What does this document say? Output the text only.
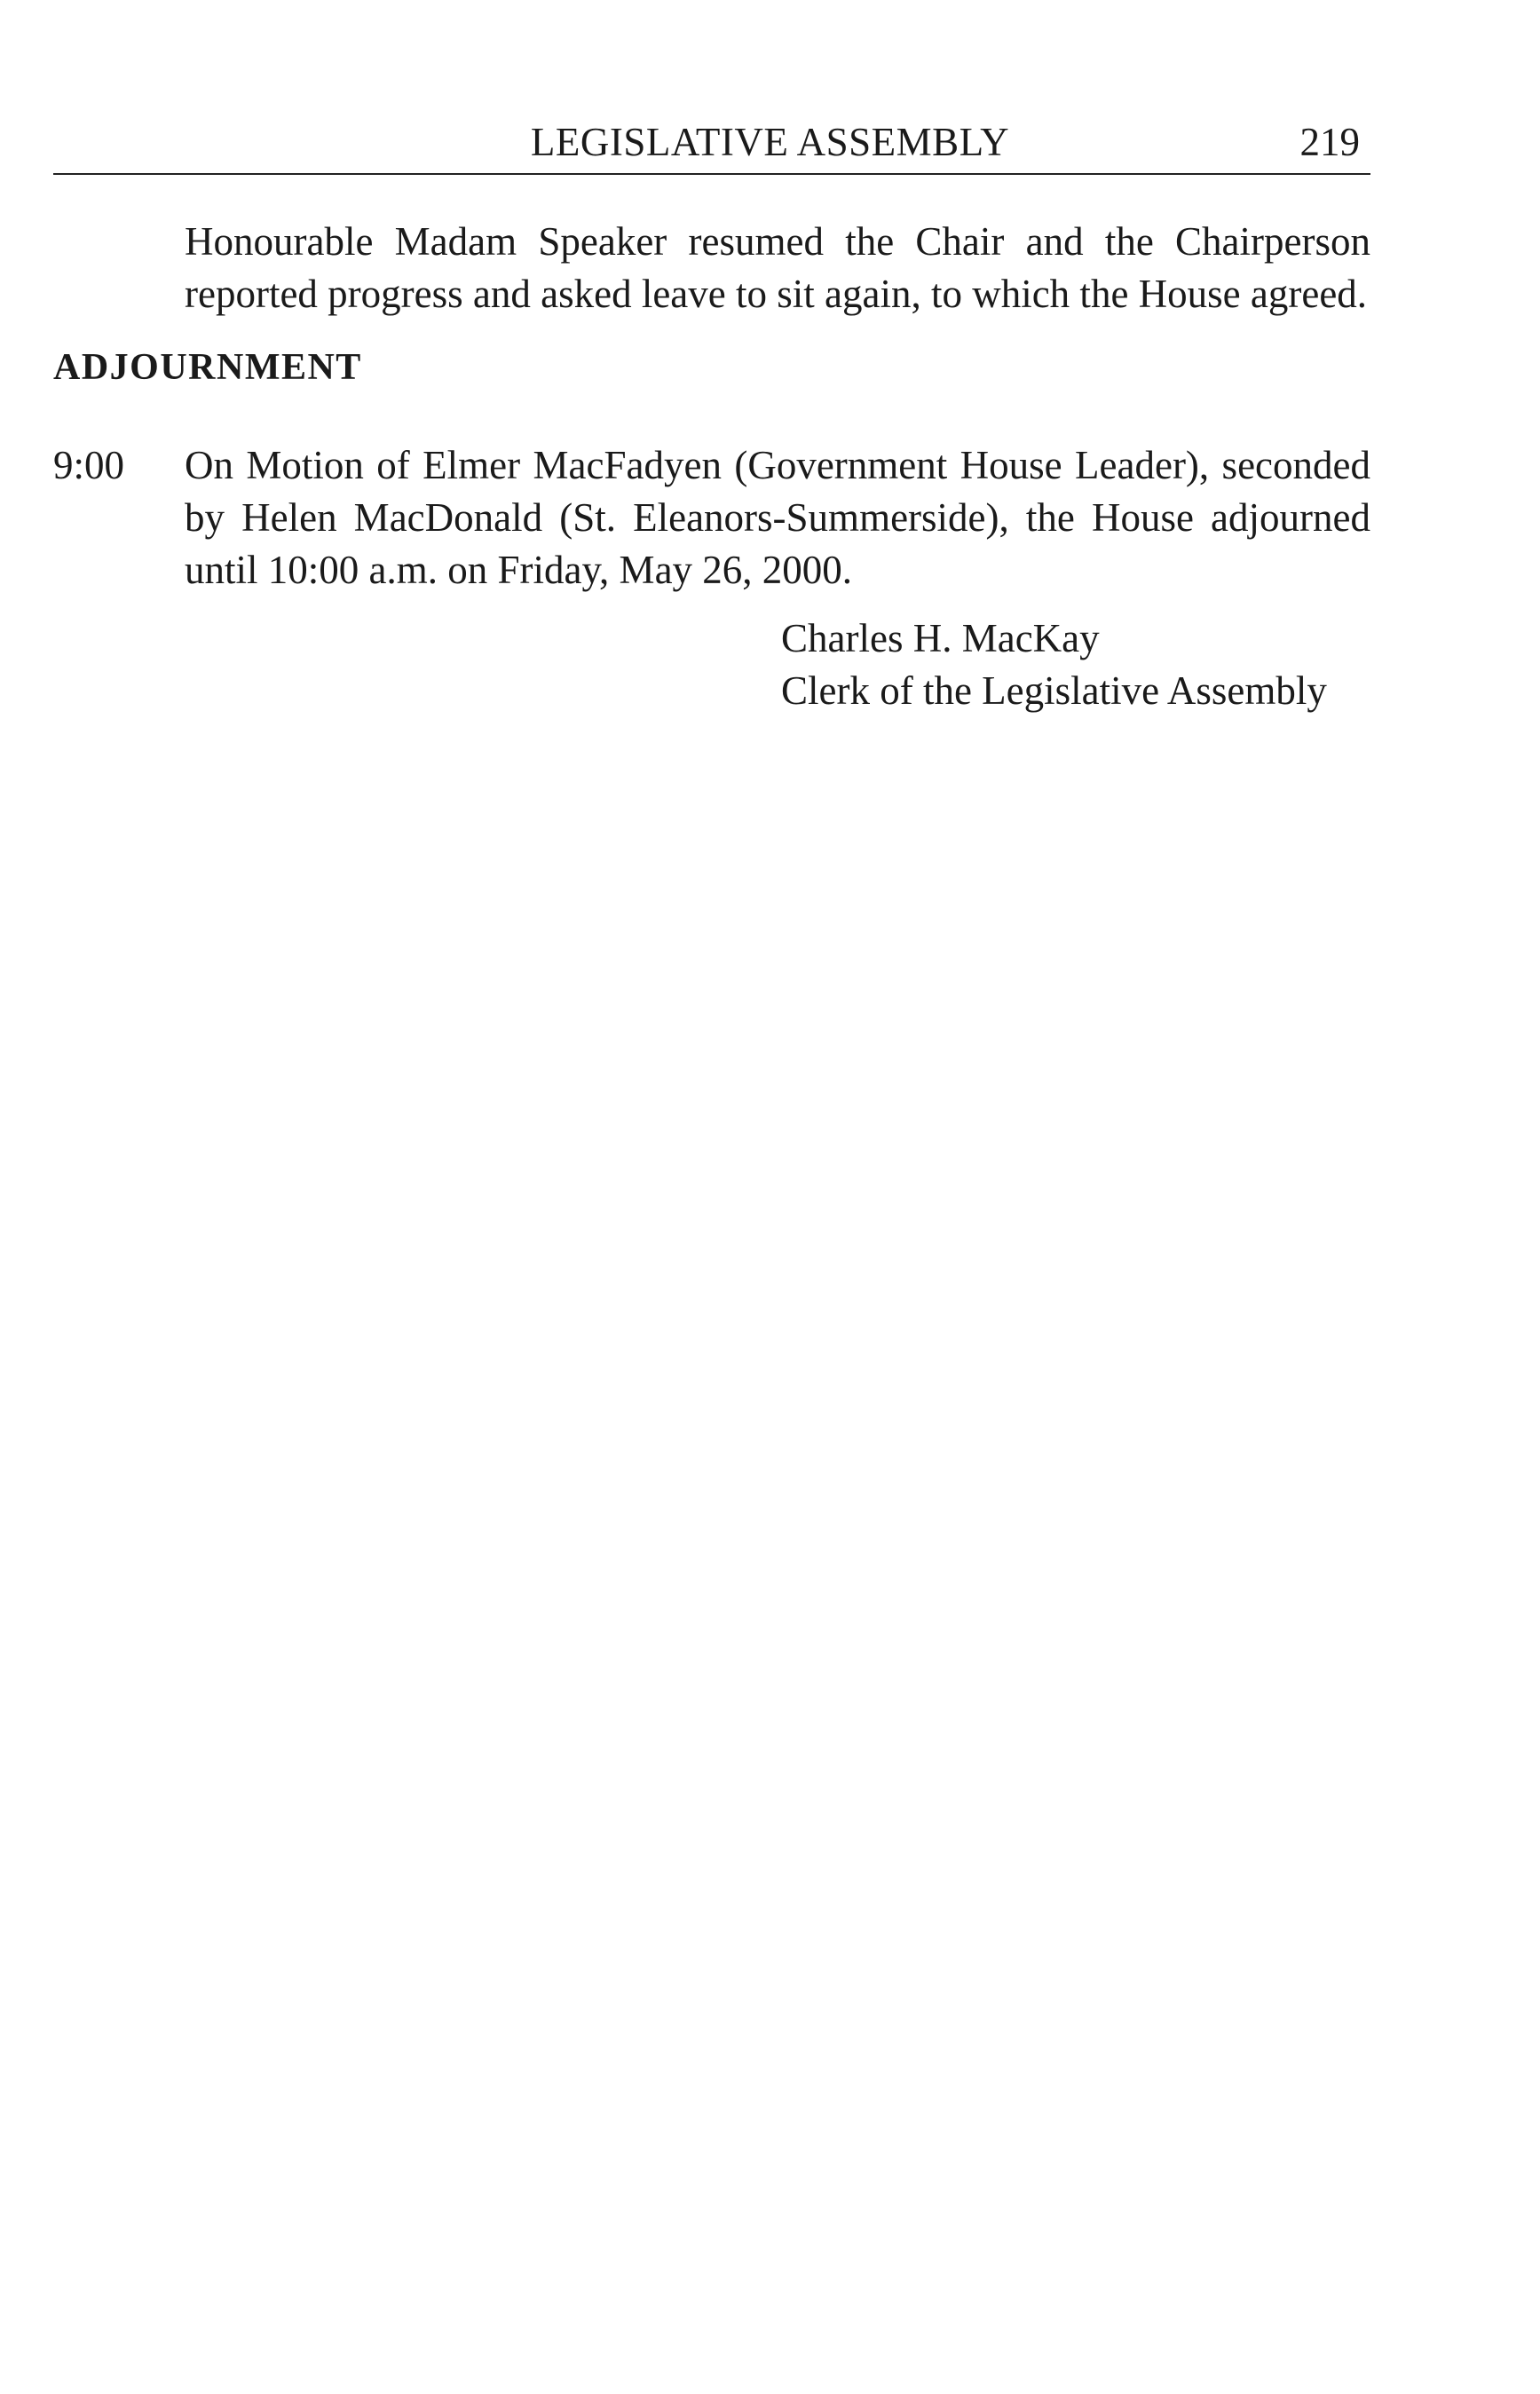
LEGISLATIVE ASSEMBLY	219
Honourable Madam Speaker resumed the Chair and the Chairperson reported progress and asked leave to sit again, to which the House agreed.
ADJOURNMENT
9:00 On Motion of Elmer MacFadyen (Government House Leader), seconded by Helen MacDonald (St. Eleanors-Summerside), the House adjourned until 10:00 a.m. on Friday, May 26, 2000.
Charles H. MacKay
Clerk of the Legislative Assembly
